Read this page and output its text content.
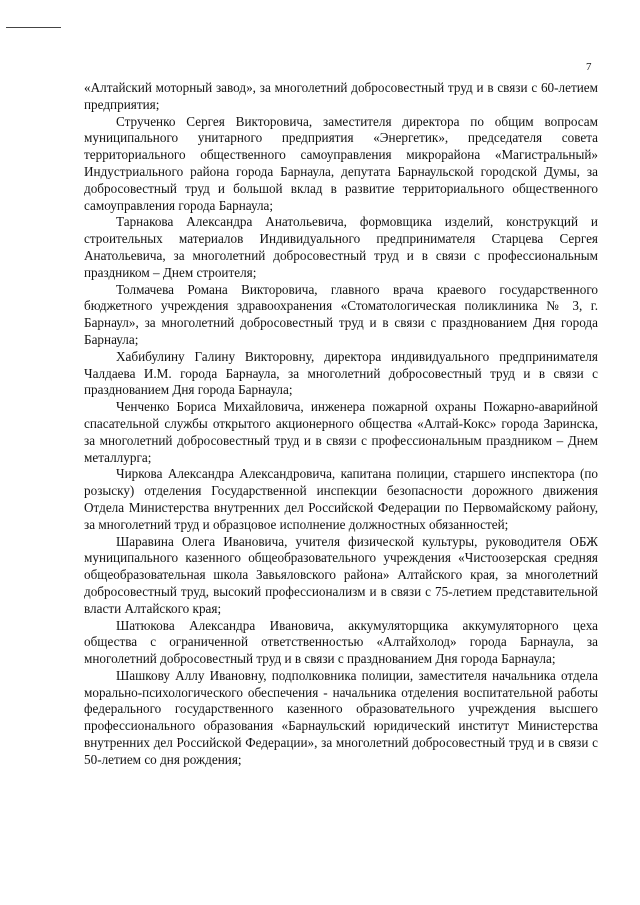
7

«Алтайский моторный завод», за многолетний добросовестный труд и в связи с 60-летием предприятия;

Струченко Сергея Викторовича, заместителя директора по общим вопросам муниципального унитарного предприятия «Энергетик», председателя совета территориального общественного самоуправления микрорайона «Магистральный» Индустриального района города Барнаула, депутата Барнаульской городской Думы, за добросовестный труд и большой вклад в развитие территориального общественного самоуправления города Барнаула;

Тарнакова Александра Анатольевича, формовщика изделий, конструкций и строительных материалов Индивидуального предпринимателя Старцева Сергея Анатольевича, за многолетний добросовестный труд и в связи с профессиональным праздником – Днем строителя;

Толмачева Романа Викторовича, главного врача краевого государственного бюджетного учреждения здравоохранения «Стоматологическая поликлиника № 3, г. Барнаул», за многолетний добросовестный труд и в связи с празднованием Дня города Барнаула;

Хабибулину Галину Викторовну, директора индивидуального предпринимателя Чалдаева И.М. города Барнаула, за многолетний добросовестный труд и в связи с празднованием Дня города Барнаула;

Ченченко Бориса Михайловича, инженера пожарной охраны Пожарно-аварийной спасательной службы открытого акционерного общества «Алтай-Кокс» города Заринска, за многолетний добросовестный труд и в связи с профессиональным праздником – Днем металлурга;

Чиркова Александра Александровича, капитана полиции, старшего инспектора (по розыску) отделения Государственной инспекции безопасности дорожного движения Отдела Министерства внутренних дел Российской Федерации по Первомайскому району, за многолетний труд и образцовое исполнение должностных обязанностей;

Шаравина Олега Ивановича, учителя физической культуры, руководителя ОБЖ муниципального казенного общеобразовательного учреждения «Чистоозерская средняя общеобразовательная школа Завьяловского района» Алтайского края, за многолетний добросовестный труд, высокий профессионализм и в связи с 75-летием представительной власти Алтайского края;

Шатюкова Александра Ивановича, аккумуляторщика аккумуляторного цеха общества с ограниченной ответственностью «Алтайхолод» города Барнаула, за многолетний добросовестный труд и в связи с празднованием Дня города Барнаула;

Шашкову Аллу Ивановну, подполковника полиции, заместителя начальника отдела морально-психологического обеспечения - начальника отделения воспитательной работы федерального государственного казенного образовательного учреждения высшего профессионального образования «Барнаульский юридический институт Министерства внутренних дел Российской Федерации», за многолетний добросовестный труд и в связи с 50-летием со дня рождения;
